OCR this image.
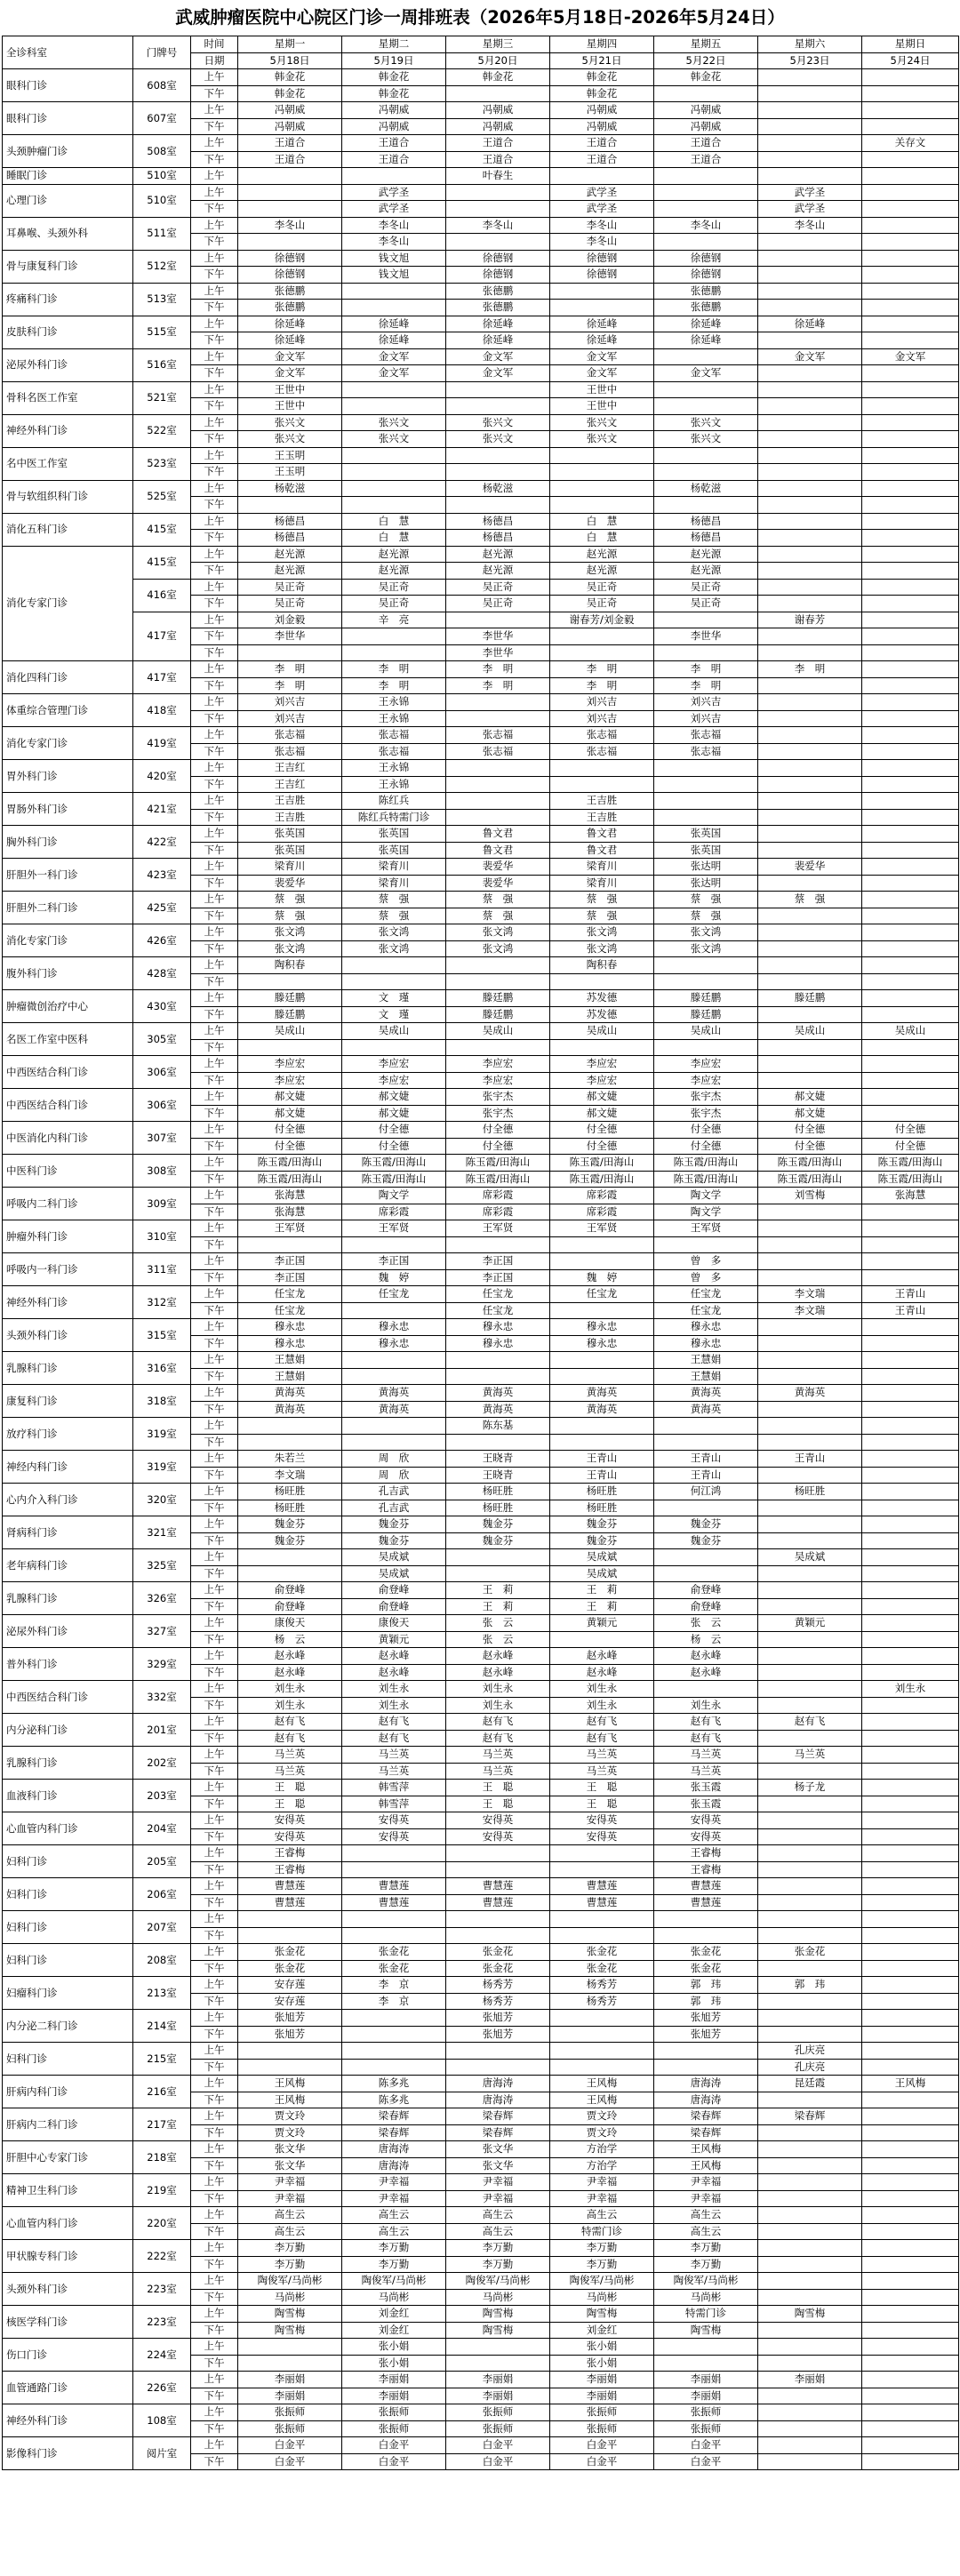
武威肿瘤医院中心院区门诊一周排班表（2026年5月18日-2026年5月24日）
全诊科室	门牌号	时间	星期一	星期二	星期三	星期四	星期五	星期六	星期日
		日期	5月18日	5月19日	5月20日	5月21日	5月22日	5月23日	5月24日
眼科门诊	608室	上午	韩金花	韩金花	韩金花	韩金花	韩金花		
		下午	韩金花	韩金花		韩金花			
眼科门诊	607室	上午	冯朝威	冯朝威	冯朝威	冯朝威	冯朝威		
		下午	冯朝威	冯朝威	冯朝威	冯朝威	冯朝威		
头颈肿瘤门诊	508室	上午	王道合	王道合	王道合	王道合	王道合		关存文
		下午	王道合	王道合	王道合	王道合	王道合		
睡眠门诊	510室	上午			叶春生				
心理门诊	510室	上午		武学圣		武学圣		武学圣	
		下午		武学圣		武学圣		武学圣	
耳鼻喉、头颈外科	511室	上午	李冬山	李冬山	李冬山	李冬山	李冬山	李冬山	
		下午		李冬山		李冬山			
骨与康复科门诊	512室	上午	徐德钢	钱文旭	徐德钢	徐德钢	徐德钢		
		下午	徐德钢	钱文旭	徐德钢	徐德钢	徐德钢		
疼痛科门诊	513室	上午	张德鹏		张德鹏		张德鹏		
		下午	张德鹏		张德鹏		张德鹏		
皮肤科门诊	515室	上午	徐延峰	徐延峰	徐延峰	徐延峰	徐延峰	徐延峰	
		下午	徐延峰	徐延峰	徐延峰	徐延峰	徐延峰		
泌尿外科门诊	516室	上午	金文军	金文军	金文军	金文军		金文军	金文军
		下午	金文军	金文军	金文军	金文军	金文军		
骨科名医工作室	521室	上午	王世中			王世中			
		下午	王世中			王世中			
神经外科门诊	522室	上午	张兴文	张兴文	张兴文	张兴文	张兴文		
		下午	张兴文	张兴文	张兴文	张兴文	张兴文		
名中医工作室	523室	上午	王玉明						
		下午	王玉明						
骨与软组织科门诊	525室	上午	杨乾滋		杨乾滋		杨乾滋		
		下午							
消化五科门诊	415室	上午	杨德昌	白　慧	杨德昌	白　慧	杨德昌		
		下午	杨德昌	白　慧	杨德昌	白　慧	杨德昌		
消化专家门诊	415室	上午	赵光源	赵光源	赵光源	赵光源	赵光源		
		下午	赵光源	赵光源	赵光源	赵光源	赵光源		
	416室	上午	吴正奇	吴正奇	吴正奇	吴正奇	吴正奇		
		下午	吴正奇	吴正奇	吴正奇	吴正奇	吴正奇		
	417室	上午	刘金毅	辛　亮		谢春芳/刘金毅		谢春芳	
		下午	李世华		李世华		李世华		
		下午			李世华				
消化四科门诊	417室	上午	李　明	李　明	李　明	李　明	李　明	李　明	
		下午	李　明	李　明	李　明	李　明	李　明		
体重综合管理门诊	418室	上午	刘兴吉	王永锦		刘兴吉	刘兴吉		
		下午	刘兴吉	王永锦		刘兴吉	刘兴吉		
消化专家门诊	419室	上午	张志福	张志福	张志福	张志福	张志福		
		下午	张志福	张志福	张志福	张志福	张志福		
胃外科门诊	420室	上午	王吉红	王永锦					
		下午	王吉红	王永锦					
胃肠外科门诊	421室	上午	王吉胜	陈红兵		王吉胜			
		下午	王吉胜	陈红兵特需门诊		王吉胜			
胸外科门诊	422室	上午	张英国	张英国	鲁文君	鲁文君	张英国		
		下午	张英国	张英国	鲁文君	鲁文君	张英国		
肝胆外一科门诊	423室	上午	梁育川	梁育川	裴爱华	梁育川	张达明	裴爱华	
		下午	裴爱华	梁育川	裴爱华	梁育川	张达明		
肝胆外二科门诊	425室	上午	蔡　强	蔡　强	蔡　强	蔡　强	蔡　强	蔡　强	
		下午	蔡　强	蔡　强	蔡　强	蔡　强	蔡　强		
消化专家门诊	426室	上午	张文鸿	张文鸿	张文鸿	张文鸿	张文鸿		
		下午	张文鸿	张文鸿	张文鸿	张文鸿	张文鸿		
腹外科门诊	428室	上午	陶积春			陶积春			
		下午							
肿瘤微创治疗中心	430室	上午	滕廷鹏	文　瑾	滕廷鹏	苏发德	滕廷鹏	滕廷鹏	
		下午	滕廷鹏	文　瑾	滕廷鹏	苏发德	滕廷鹏		
名医工作室中医科	305室	上午	吴成山	吴成山	吴成山	吴成山	吴成山	吴成山	吴成山
		下午							
中西医结合科门诊	306室	上午	李应宏	李应宏	李应宏	李应宏	李应宏		
		下午	李应宏	李应宏	李应宏	李应宏	李应宏		
中西医结合科门诊	306室	上午	郝文婕	郝文婕	张宇杰	郝文婕	张宇杰	郝文婕	
		下午	郝文婕	郝文婕	张宇杰	郝文婕	张宇杰	郝文婕	
中医消化内科门诊	307室	上午	付全德	付全德	付全德	付全德	付全德	付全德	付全德
		下午	付全德	付全德	付全德	付全德	付全德	付全德	付全德
中医科门诊	308室	上午	陈玉霞/田海山	陈玉霞/田海山	陈玉霞/田海山	陈玉霞/田海山	陈玉霞/田海山	陈玉霞/田海山	陈玉霞/田海山
		下午	陈玉霞/田海山	陈玉霞/田海山	陈玉霞/田海山	陈玉霞/田海山	陈玉霞/田海山	陈玉霞/田海山	陈玉霞/田海山
呼吸内二科门诊	309室	上午	张海慧	陶文学	席彩霞	席彩霞	陶文学	刘雪梅	张海慧
		下午	张海慧	席彩霞	席彩霞	席彩霞	陶文学		
肿瘤外科门诊	310室	上午	王军贤	王军贤	王军贤	王军贤	王军贤		
		下午							
呼吸内一科门诊	311室	上午	李正国	李正国	李正国		曾　多		
		下午	李正国	魏　婷	李正国	魏　婷	曾　多		
神经外科门诊	312室	上午	任宝龙	任宝龙	任宝龙	任宝龙	任宝龙	李文瑞	王青山
		下午	任宝龙		任宝龙		任宝龙	李文瑞	王青山
头颈外科门诊	315室	上午	穆永忠	穆永忠	穆永忠	穆永忠	穆永忠		
		下午	穆永忠	穆永忠	穆永忠	穆永忠	穆永忠		
乳腺科门诊	316室	上午	王慧娟				王慧娟		
		下午	王慧娟				王慧娟		
康复科门诊	318室	上午	黄海英	黄海英	黄海英	黄海英	黄海英	黄海英	
		下午	黄海英	黄海英	黄海英	黄海英	黄海英		
放疗科门诊	319室	上午			陈东基				
		下午							
神经内科门诊	319室	上午	朱若兰	周　欣	王晓青	王青山	王青山	王青山	
		下午	李文瑞	周　欣	王晓青	王青山	王青山		
心内介入科门诊	320室	上午	杨旺胜	孔吉武	杨旺胜	杨旺胜	何江鸿	杨旺胜	
		下午	杨旺胜	孔吉武	杨旺胜	杨旺胜			
肾病科门诊	321室	上午	魏金芬	魏金芬	魏金芬	魏金芬	魏金芬		
		下午	魏金芬	魏金芬	魏金芬	魏金芬	魏金芬		
老年病科门诊	325室	上午		吴成斌		吴成斌		吴成斌	
		下午		吴成斌		吴成斌			
乳腺科门诊	326室	上午	俞登峰	俞登峰	王　莉	王　莉	俞登峰		
		下午	俞登峰	俞登峰	王　莉	王　莉	俞登峰		
泌尿外科门诊	327室	上午	康俊天	康俊天	张　云	黄颖元	张　云	黄颖元	
		下午	杨　云	黄颖元	张　云		杨　云		
普外科门诊	329室	上午	赵永峰	赵永峰	赵永峰	赵永峰	赵永峰		
		下午	赵永峰	赵永峰	赵永峰	赵永峰	赵永峰		
中西医结合科门诊	332室	上午	刘生永	刘生永	刘生永	刘生永			刘生永
		下午	刘生永	刘生永	刘生永	刘生永	刘生永		
内分泌科门诊	201室	上午	赵有飞	赵有飞	赵有飞	赵有飞	赵有飞	赵有飞	
		下午	赵有飞	赵有飞	赵有飞	赵有飞	赵有飞		
乳腺科门诊	202室	上午	马兰英	马兰英	马兰英	马兰英	马兰英	马兰英	
		下午	马兰英	马兰英	马兰英	马兰英	马兰英		
血液科门诊	203室	上午	王　聪	韩雪萍	王　聪	王　聪	张玉霞	杨子龙	
		下午	王　聪	韩雪萍	王　聪	王　聪	张玉霞		
心血管内科门诊	204室	上午	安得英	安得英	安得英	安得英	安得英		
		下午	安得英	安得英	安得英	安得英	安得英		
妇科门诊	205室	上午	王睿梅				王睿梅		
		下午	王睿梅				王睿梅		
妇科门诊	206室	上午	曹慧莲	曹慧莲	曹慧莲	曹慧莲	曹慧莲		
		下午	曹慧莲	曹慧莲	曹慧莲	曹慧莲	曹慧莲		
妇科门诊	207室	上午							
		下午							
妇科门诊	208室	上午	张金花	张金花	张金花	张金花	张金花	张金花	
		下午	张金花	张金花	张金花	张金花	张金花		
妇瘤科门诊	213室	上午	安存莲	李　京	杨秀芳	杨秀芳	郭　玮	郭　玮	
		下午	安存莲	李　京	杨秀芳	杨秀芳	郭　玮		
内分泌二科门诊	214室	上午	张旭芳		张旭芳		张旭芳		
		下午	张旭芳		张旭芳		张旭芳		
妇科门诊	215室	上午						孔庆亮	
		下午						孔庆亮	
肝病内科门诊	216室	上午	王风梅	陈多兆	唐海涛	王风梅	唐海涛	昆廷霞	王风梅
		下午	王风梅	陈多兆	唐海涛	王风梅	唐海涛		
肝病内二科门诊	217室	上午	贾文玲	梁春辉	梁春辉	贾文玲	梁春辉	梁春辉	
		下午	贾文玲	梁春辉	梁春辉	贾文玲	梁春辉		
肝胆中心专家门诊	218室	上午	张文华	唐海涛	张文华	方治学	王风梅		
		下午	张文华	唐海涛	张文华	方治学	王风梅		
精神卫生科门诊	219室	上午	尹幸福	尹幸福	尹幸福	尹幸福	尹幸福		
		下午	尹幸福	尹幸福	尹幸福	尹幸福	尹幸福		
心血管内科门诊	220室	上午	高生云	高生云	高生云	高生云	高生云		
		下午	高生云	高生云	高生云	特需门诊	高生云		
甲状腺专科门诊	222室	上午	李万勤	李万勤	李万勤	李万勤	李万勤		
		下午	李万勤	李万勤	李万勤	李万勤	李万勤		
头颈外科门诊	223室	上午	陶俊军/马尚彬	陶俊军/马尚彬	陶俊军/马尚彬	陶俊军/马尚彬	陶俊军/马尚彬		
		下午	马尚彬	马尚彬	马尚彬	马尚彬	马尚彬		
核医学科门诊	223室	上午	陶雪梅	刘金红	陶雪梅	陶雪梅	特需门诊	陶雪梅	
		下午	陶雪梅	刘金红	陶雪梅	刘金红	陶雪梅		
伤口门诊	224室	上午		张小娟		张小娟			
		下午		张小娟		张小娟			
血管通路门诊	226室	上午	李丽娟	李丽娟	李丽娟	李丽娟	李丽娟	李丽娟	
		下午	李丽娟	李丽娟	李丽娟	李丽娟	李丽娟		
神经外科门诊	108室	上午	张振师	张振师	张振师	张振师	张振师		
		下午	张振师	张振师	张振师	张振师	张振师		
影像科门诊	阅片室	上午	白金平	白金平	白金平	白金平	白金平		
		下午	白金平	白金平	白金平	白金平	白金平		
